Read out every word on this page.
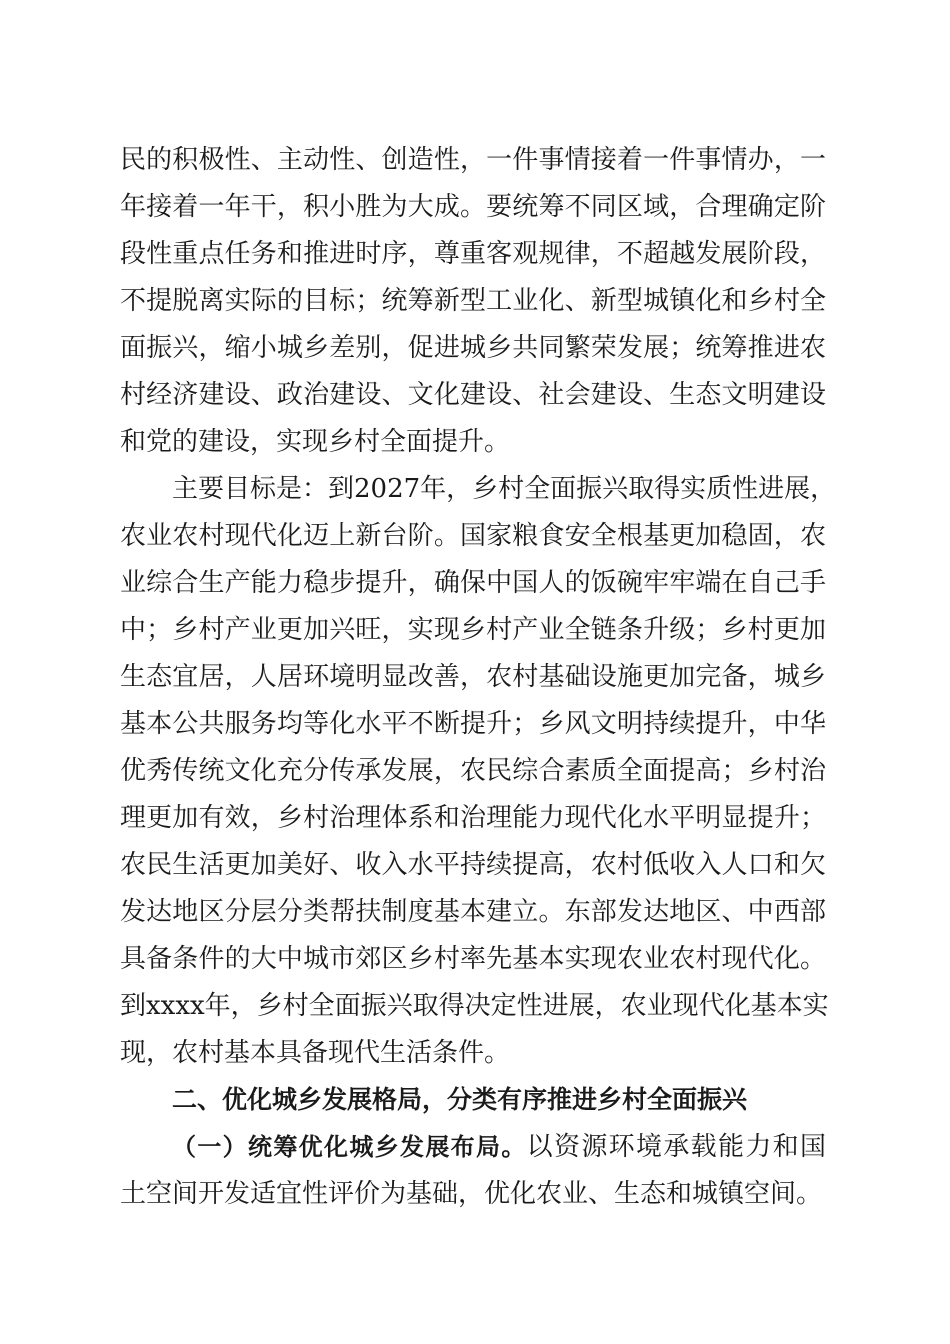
民的积极性、主动性、创造性，一件事情接着一件事情办，一
年接着一年干，积小胜为大成。要统筹不同区域，合理确定阶
段性重点任务和推进时序，尊重客观规律，不超越发展阶段，
不提脱离实际的目标；统筹新型工业化、新型城镇化和乡村全
面振兴，缩小城乡差别，促进城乡共同繁荣发展；统筹推进农
村经济建设、政治建设、文化建设、社会建设、生态文明建设
和党的建设，实现乡村全面提升。
主要目标是：到2027年，乡村全面振兴取得实质性进展，
农业农村现代化迈上新台阶。国家粮食安全根基更加稳固，农
业综合生产能力稳步提升，确保中国人的饭碗牢牢端在自己手
中；乡村产业更加兴旺，实现乡村产业全链条升级；乡村更加
生态宜居，人居环境明显改善，农村基础设施更加完备，城乡
基本公共服务均等化水平不断提升；乡风文明持续提升，中华
优秀传统文化充分传承发展，农民综合素质全面提高；乡村治
理更加有效，乡村治理体系和治理能力现代化水平明显提升；
农民生活更加美好、收入水平持续提高，农村低收入人口和欠
发达地区分层分类帮扶制度基本建立。东部发达地区、中西部
具备条件的大中城市郊区乡村率先基本实现农业农村现代化。
到xxxx年，乡村全面振兴取得决定性进展，农业现代化基本实
现，农村基本具备现代生活条件。
二、优化城乡发展格局，分类有序推进乡村全面振兴
（一）统筹优化城乡发展布局。以资源环境承载能力和国
土空间开发适宜性评价为基础，优化农业、生态和城镇空间。
